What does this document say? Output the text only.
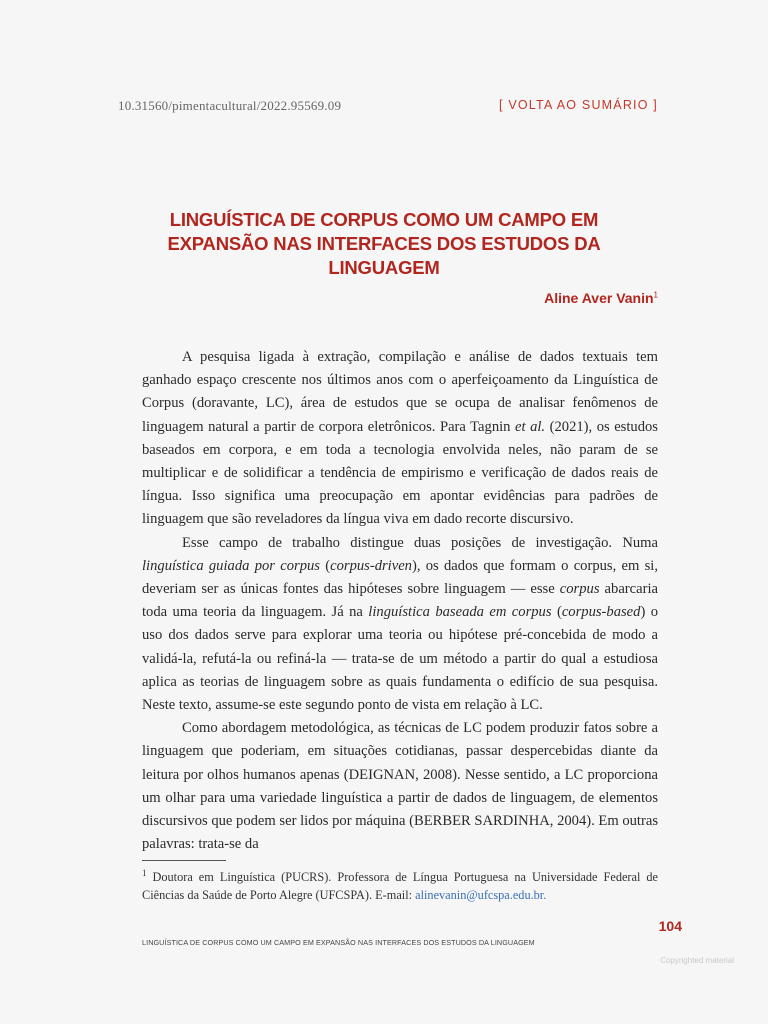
10.31560/pimentacultural/2022.95569.09	[ VOLTA AO SUMÁRIO ]
LINGUÍSTICA DE CORPUS COMO UM CAMPO EM
EXPANSÃO NAS INTERFACES DOS ESTUDOS DA LINGUAGEM
Aline Aver Vanin$^1$

A pesquisa ligada à extração, compilação e análise de dados textuais tem ganhado espaço crescente nos últimos anos com o aperfeiçoamento da Linguística de Corpus (doravante, LC), área de estudos que se ocupa de analisar fenômenos de linguagem natural a partir de corpora eletrônicos. Para Tagnin et al. (2021), os estudos baseados em corpora, e em toda a tecnologia envolvida neles, não param de se multiplicar e de solidificar a tendência de empirismo e verificação de dados reais de língua. Isso significa uma preocupação em apontar evidências para padrões de linguagem que são reveladores da língua viva em dado recorte discursivo.

Esse campo de trabalho distingue duas posições de investigação. Numa linguística guiada por corpus (corpus-driven), os dados que formam o corpus, em si, deveriam ser as únicas fontes das hipóteses sobre linguagem — esse corpus abarcaria toda uma teoria da linguagem. Já na linguística baseada em corpus (corpus-based) o uso dos dados serve para explorar uma teoria ou hipótese pré-concebida de modo a validá-la, refutá-la ou refiná-la — trata-se de um método a partir do qual a estudiosa aplica as teorias de linguagem sobre as quais fundamenta o edifício de sua pesquisa. Neste texto, assume-se este segundo ponto de vista em relação à LC.

Como abordagem metodológica, as técnicas de LC podem produzir fatos sobre a linguagem que poderiam, em situações cotidianas, passar despercebidas diante da leitura por olhos humanos apenas (DEIGNAN, 2008). Nesse sentido, a LC proporciona um olhar para uma variedade linguística a partir de dados de linguagem, de elementos discursivos que podem ser lidos por máquina (BERBER SARDINHA, 2004). Em outras palavras: trata-se da

$^1$ Doutora em Linguística (PUCRS). Professora de Língua Portuguesa na Universidade Federal de Ciências da Saúde de Porto Alegre (UFCSPA). E-mail: alinevanin@ufcspa.edu.br.
104
LINGUÍSTICA DE CORPUS COMO UM CAMPO EM EXPANSÃO NAS INTERFACES DOS ESTUDOS DA LINGUAGEM
Copyrighted material
